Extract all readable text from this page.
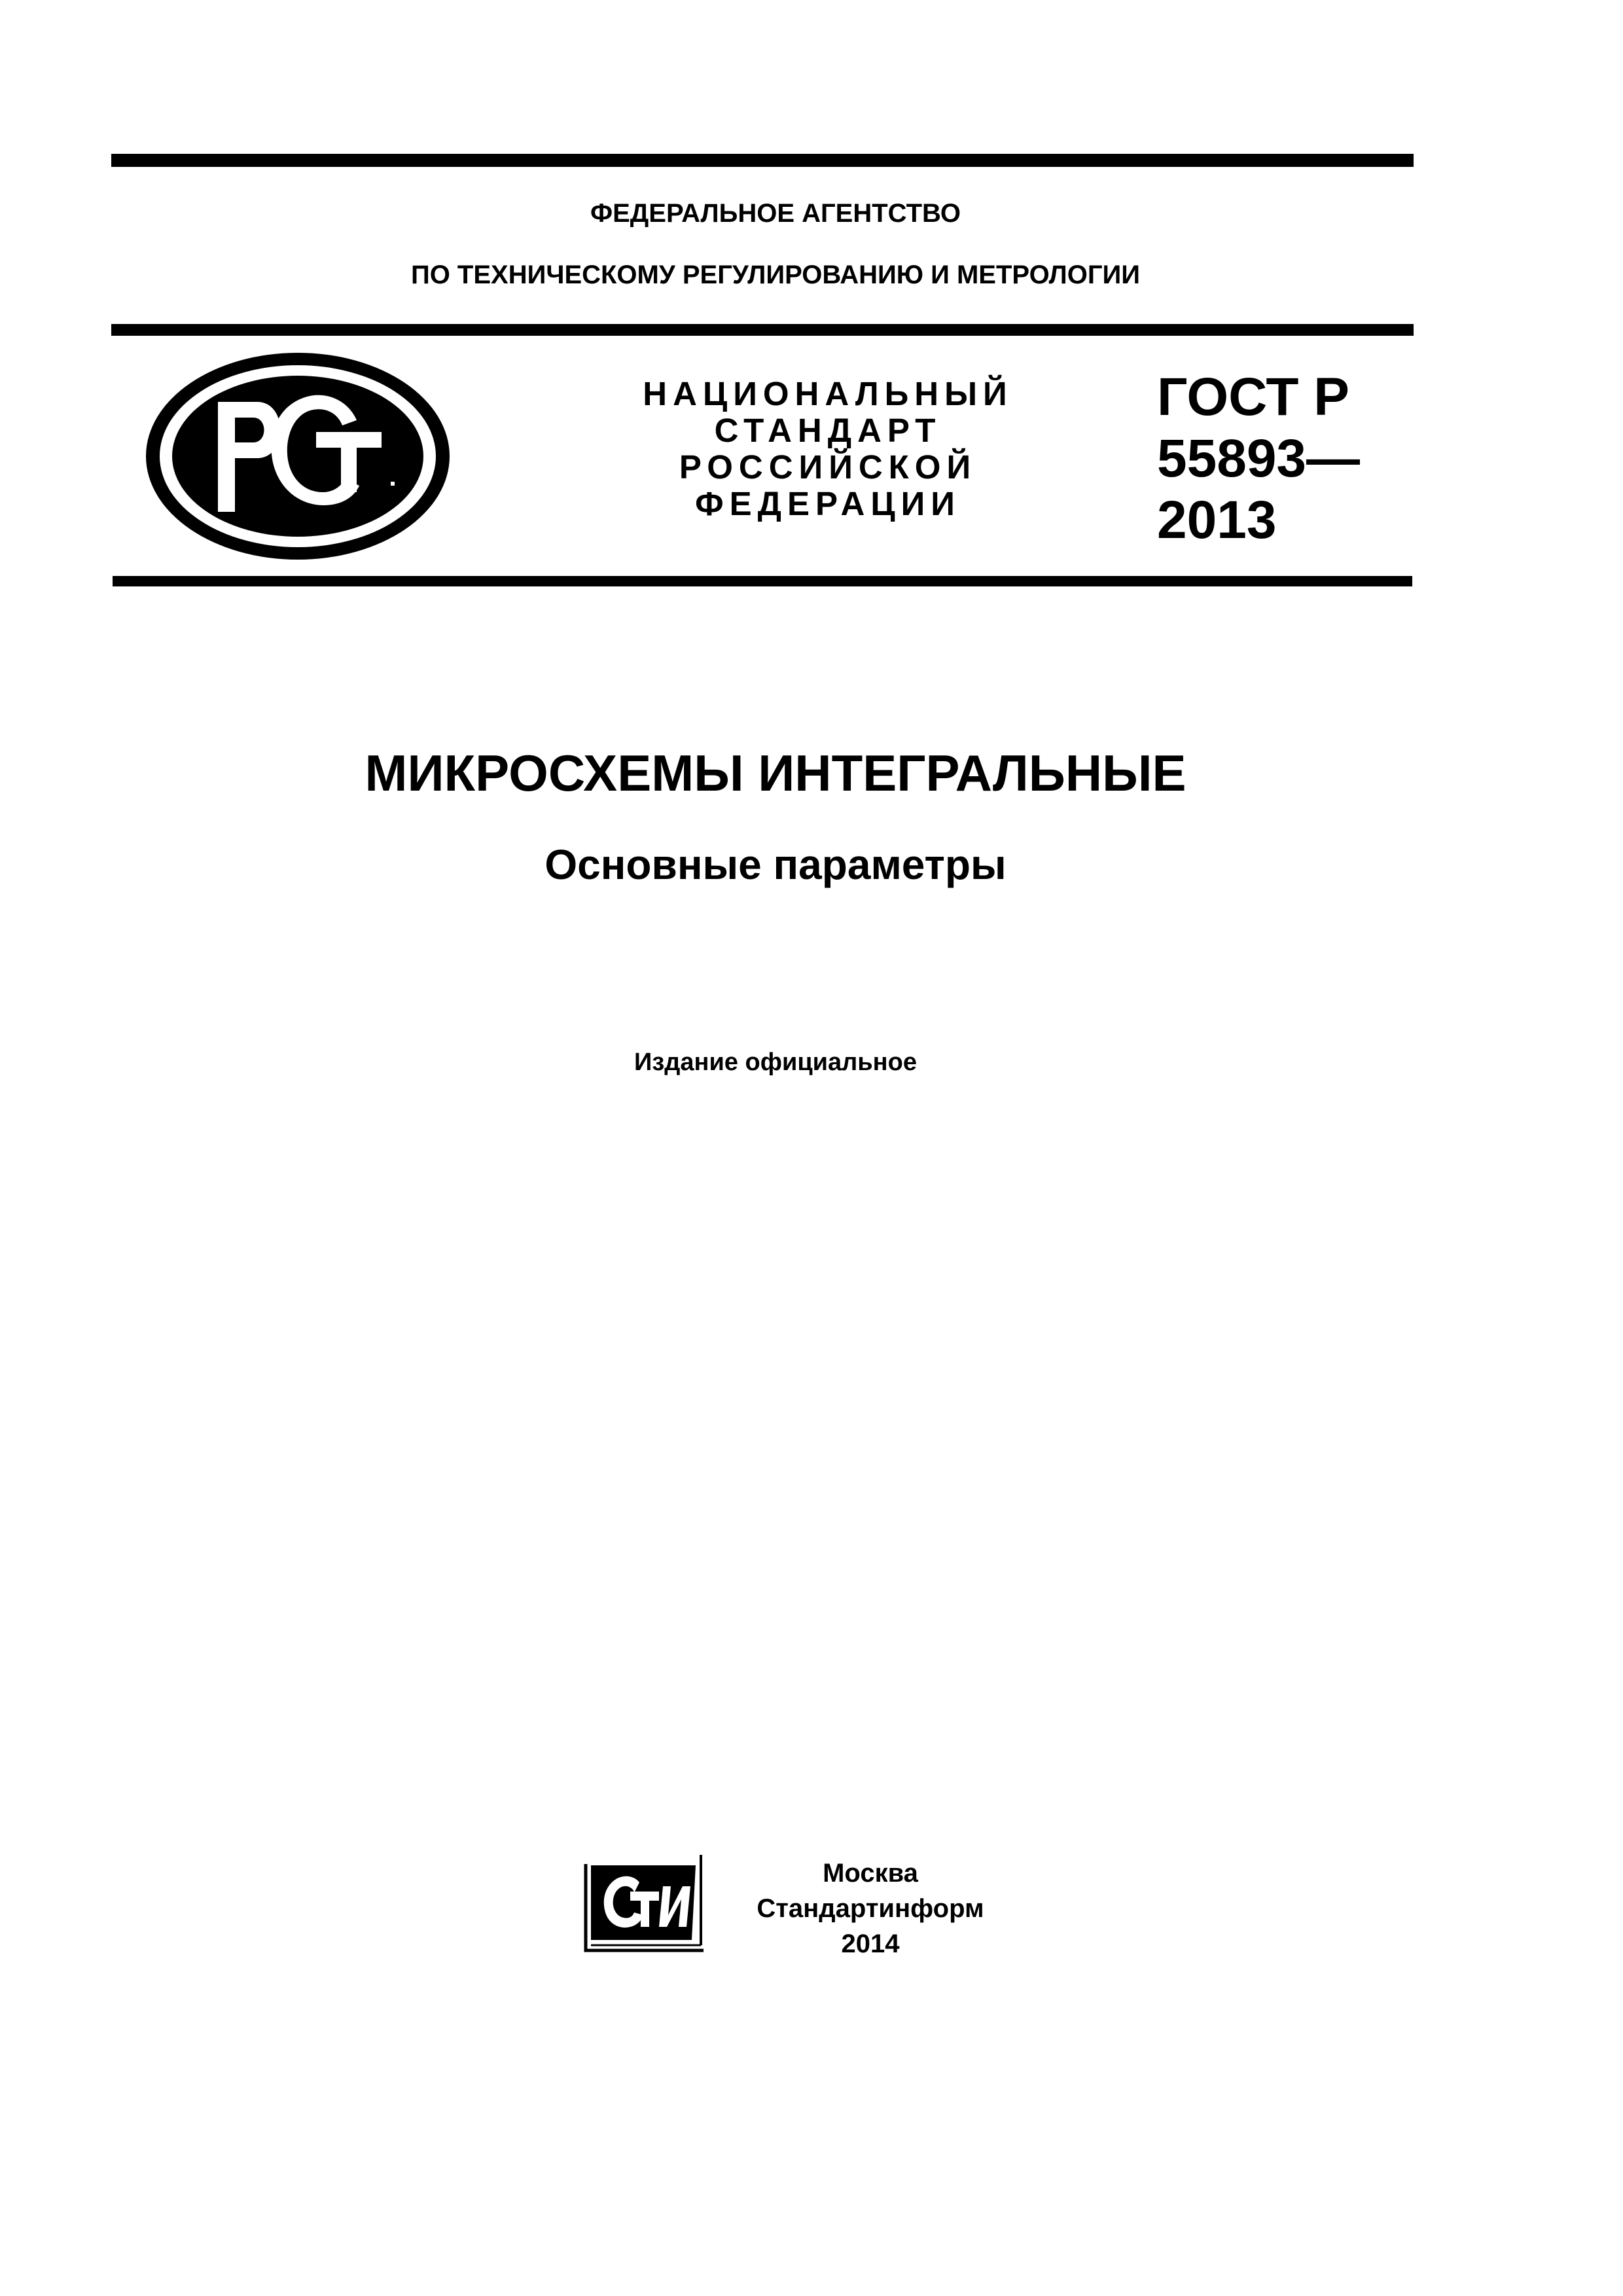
ФЕДЕРАЛЬНОЕ АГЕНТСТВО
ПО ТЕХНИЧЕСКОМУ РЕГУЛИРОВАНИЮ И МЕТРОЛОГИИ
НАЦИОНАЛЬНЫЙ
СТАНДАРТ
РОССИЙСКОЙ
ФЕДЕРАЦИИ
ГОСТ Р
55893—
2013
МИКРОСХЕМЫ ИНТЕГРАЛЬНЫЕ
Основные параметры
Издание официальное
Москва
Стандартинформ
2014
